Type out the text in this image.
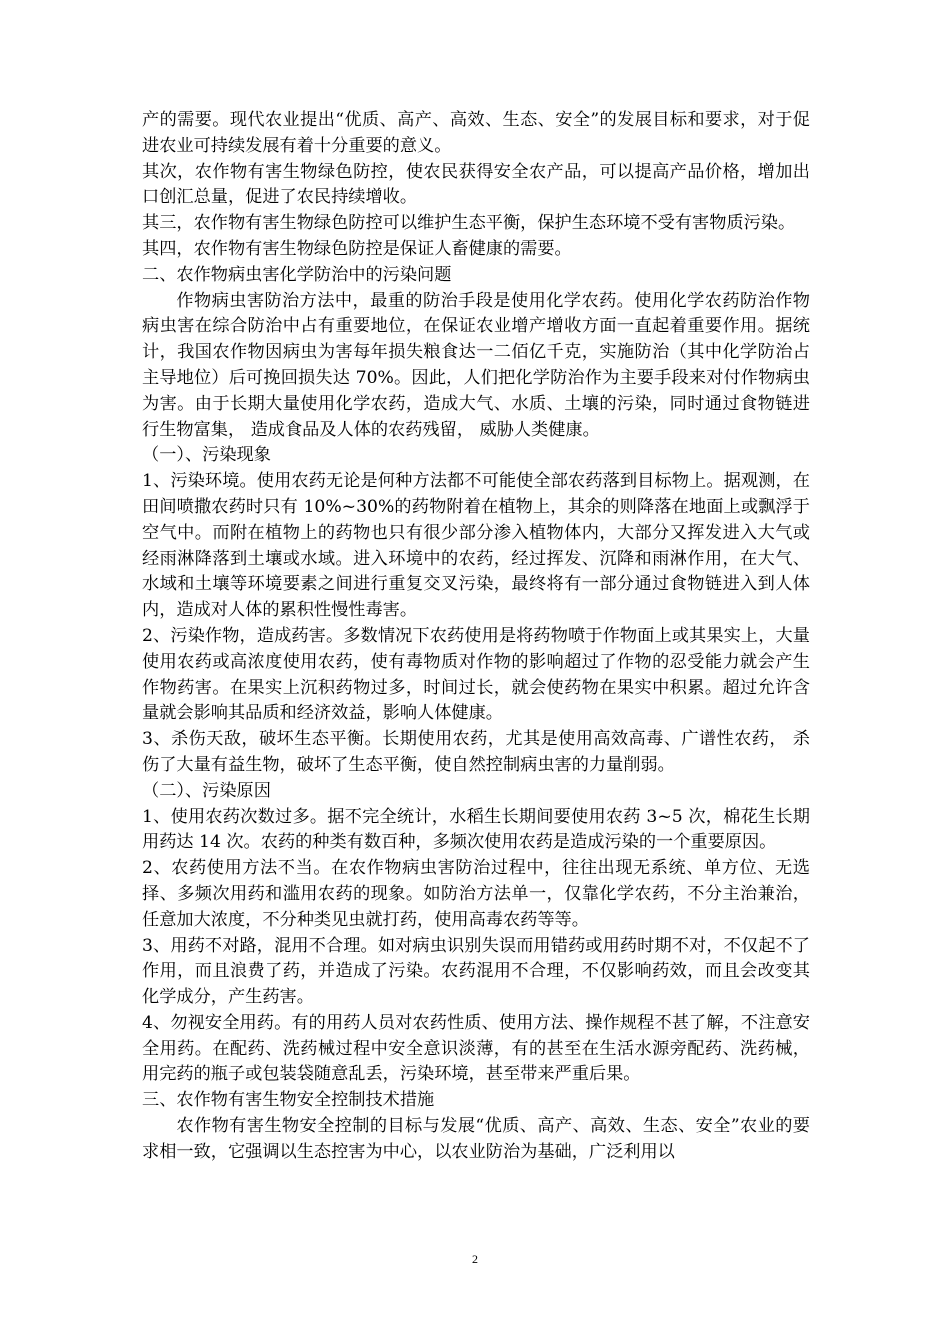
产的需要。现代农业提出“优质、高产、高效、生态、安全”的发展目标和要求，对于促进农业可持续发展有着十分重要的意义。

其次，农作物有害生物绿色防控，使农民获得安全农产品，可以提高产品价格，增加出口创汇总量，促进了农民持续增收。

其三，农作物有害生物绿色防控可以维护生态平衡，保护生态环境不受有害物质污染。

其四，农作物有害生物绿色防控是保证人畜健康的需要。

二、农作物病虫害化学防治中的污染问题

作物病虫害防治方法中，最重的防治手段是使用化学农药。使用化学农药防治作物病虫害在综合防治中占有重要地位，在保证农业增产增收方面一直起着重要作用。据统计，我国农作物因病虫为害每年损失粮食达一二佰亿千克，实施防治（其中化学防治占主导地位）后可挽回损失达 70%。因此，人们把化学防治作为主要手段来对付作物病虫为害。由于长期大量使用化学农药，造成大气、水质、土壤的污染，同时通过食物链进行生物富集， 造成食品及人体的农药残留， 威胁人类健康。

（一）、污染现象

1、污染环境。使用农药无论是何种方法都不可能使全部农药落到目标物上。据观测，在田间喷撒农药时只有 10%~30%的药物附着在植物上，其余的则降落在地面上或飘浮于空气中。而附在植物上的药物也只有很少部分渗入植物体内，大部分又挥发进入大气或经雨淋降落到土壤或水域。进入环境中的农药，经过挥发、沉降和雨淋作用，在大气、水域和土壤等环境要素之间进行重复交叉污染，最终将有一部分通过食物链进入到人体内，造成对人体的累积性慢性毒害。

2、污染作物，造成药害。多数情况下农药使用是将药物喷于作物面上或其果实上，大量使用农药或高浓度使用农药，使有毒物质对作物的影响超过了作物的忍受能力就会产生作物药害。在果实上沉积药物过多，时间过长，就会使药物在果实中积累。超过允许含量就会影响其品质和经济效益，影响人体健康。

3、杀伤天敌，破坏生态平衡。长期使用农药，尤其是使用高效高毒、广谱性农药， 杀伤了大量有益生物，破坏了生态平衡，使自然控制病虫害的力量削弱。

（二）、污染原因

1、使用农药次数过多。据不完全统计，水稻生长期间要使用农药 3~5 次，棉花生长期用药达 14 次。农药的种类有数百种，多频次使用农药是造成污染的一个重要原因。

2、农药使用方法不当。在农作物病虫害防治过程中，往往出现无系统、单方位、无选择、多频次用药和滥用农药的现象。如防治方法单一，仅靠化学农药，不分主治兼治，任意加大浓度，不分种类见虫就打药，使用高毒农药等等。

3、用药不对路，混用不合理。如对病虫识别失误而用错药或用药时期不对，不仅起不了作用，而且浪费了药，并造成了污染。农药混用不合理，不仅影响药效，而且会改变其化学成分，产生药害。

4、勿视安全用药。有的用药人员对农药性质、使用方法、操作规程不甚了解，不注意安全用药。在配药、洗药械过程中安全意识淡薄，有的甚至在生活水源旁配药、洗药械，用完药的瓶子或包装袋随意乱丢，污染环境，甚至带来严重后果。

三、农作物有害生物安全控制技术措施

农作物有害生物安全控制的目标与发展“优质、高产、高效、生态、安全”农业的要求相一致，它强调以生态控害为中心，以农业防治为基础，广泛利用以

2
